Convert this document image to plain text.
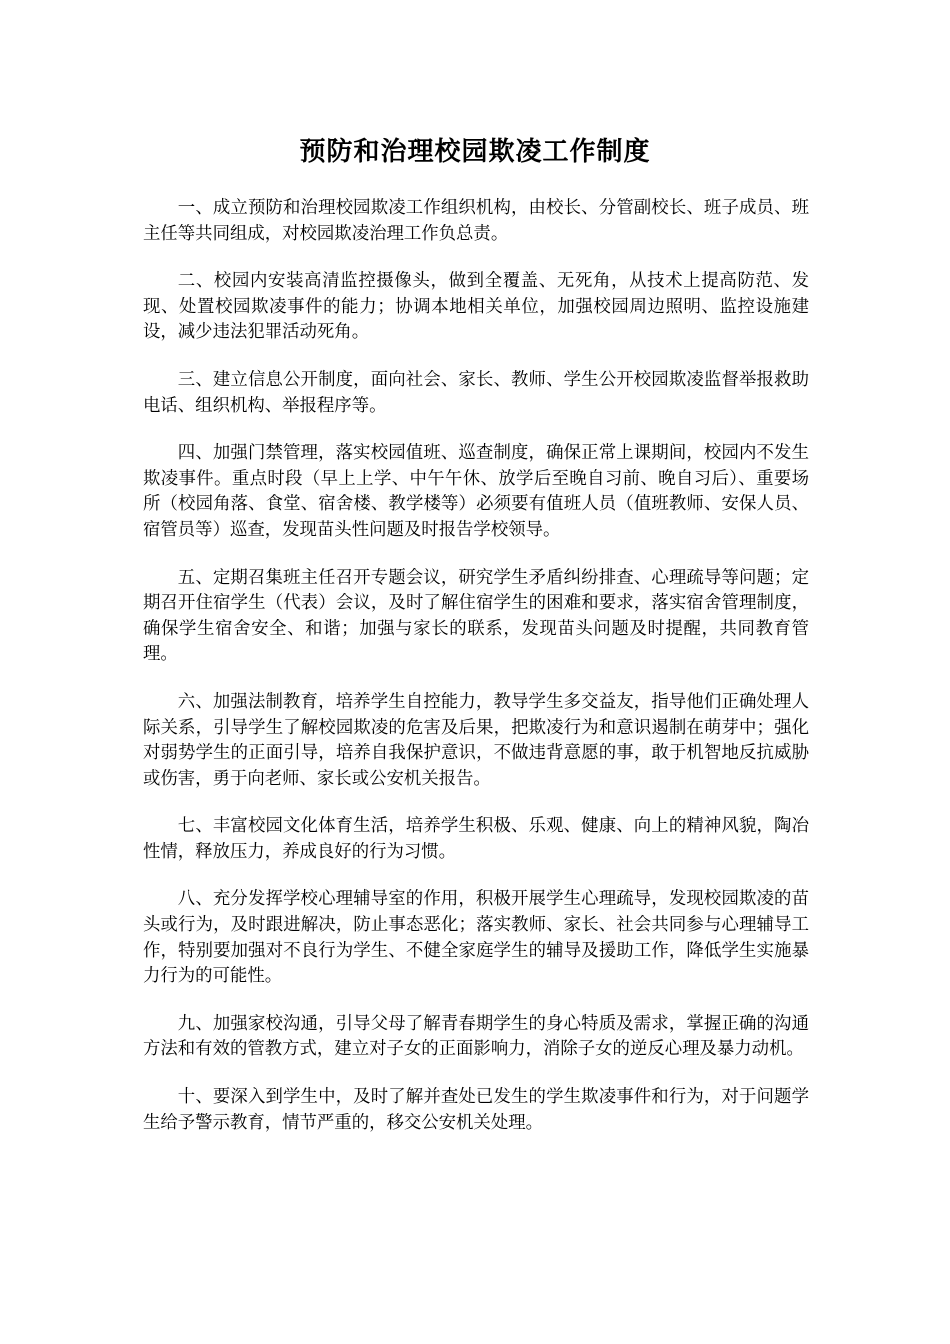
预防和治理校园欺凌工作制度

一、成立预防和治理校园欺凌工作组织机构，由校长、分管副校长、班子成员、班主任等共同组成，对校园欺凌治理工作负总责。

二、校园内安装高清监控摄像头，做到全覆盖、无死角，从技术上提高防范、发现、处置校园欺凌事件的能力；协调本地相关单位，加强校园周边照明、监控设施建设，减少违法犯罪活动死角。

三、建立信息公开制度，面向社会、家长、教师、学生公开校园欺凌监督举报救助电话、组织机构、举报程序等。

四、加强门禁管理，落实校园值班、巡查制度，确保正常上课期间，校园内不发生欺凌事件。重点时段（早上上学、中午午休、放学后至晚自习前、晚自习后）、重要场所（校园角落、食堂、宿舍楼、教学楼等）必须要有值班人员（值班教师、安保人员、宿管员等）巡查，发现苗头性问题及时报告学校领导。

五、定期召集班主任召开专题会议，研究学生矛盾纠纷排查、心理疏导等问题；定期召开住宿学生（代表）会议，及时了解住宿学生的困难和要求，落实宿舍管理制度，确保学生宿舍安全、和谐；加强与家长的联系，发现苗头问题及时提醒，共同教育管理。

六、加强法制教育，培养学生自控能力，教导学生多交益友，指导他们正确处理人际关系，引导学生了解校园欺凌的危害及后果，把欺凌行为和意识遏制在萌芽中；强化对弱势学生的正面引导，培养自我保护意识，不做违背意愿的事，敢于机智地反抗威胁或伤害，勇于向老师、家长或公安机关报告。

七、丰富校园文化体育生活，培养学生积极、乐观、健康、向上的精神风貌，陶冶性情，释放压力，养成良好的行为习惯。

八、充分发挥学校心理辅导室的作用，积极开展学生心理疏导，发现校园欺凌的苗头或行为，及时跟进解决，防止事态恶化；落实教师、家长、社会共同参与心理辅导工作，特别要加强对不良行为学生、不健全家庭学生的辅导及援助工作，降低学生实施暴力行为的可能性。

九、加强家校沟通，引导父母了解青春期学生的身心特质及需求，掌握正确的沟通方法和有效的管教方式，建立对子女的正面影响力，消除子女的逆反心理及暴力动机。

十、要深入到学生中，及时了解并查处已发生的学生欺凌事件和行为，对于问题学生给予警示教育，情节严重的，移交公安机关处理。
